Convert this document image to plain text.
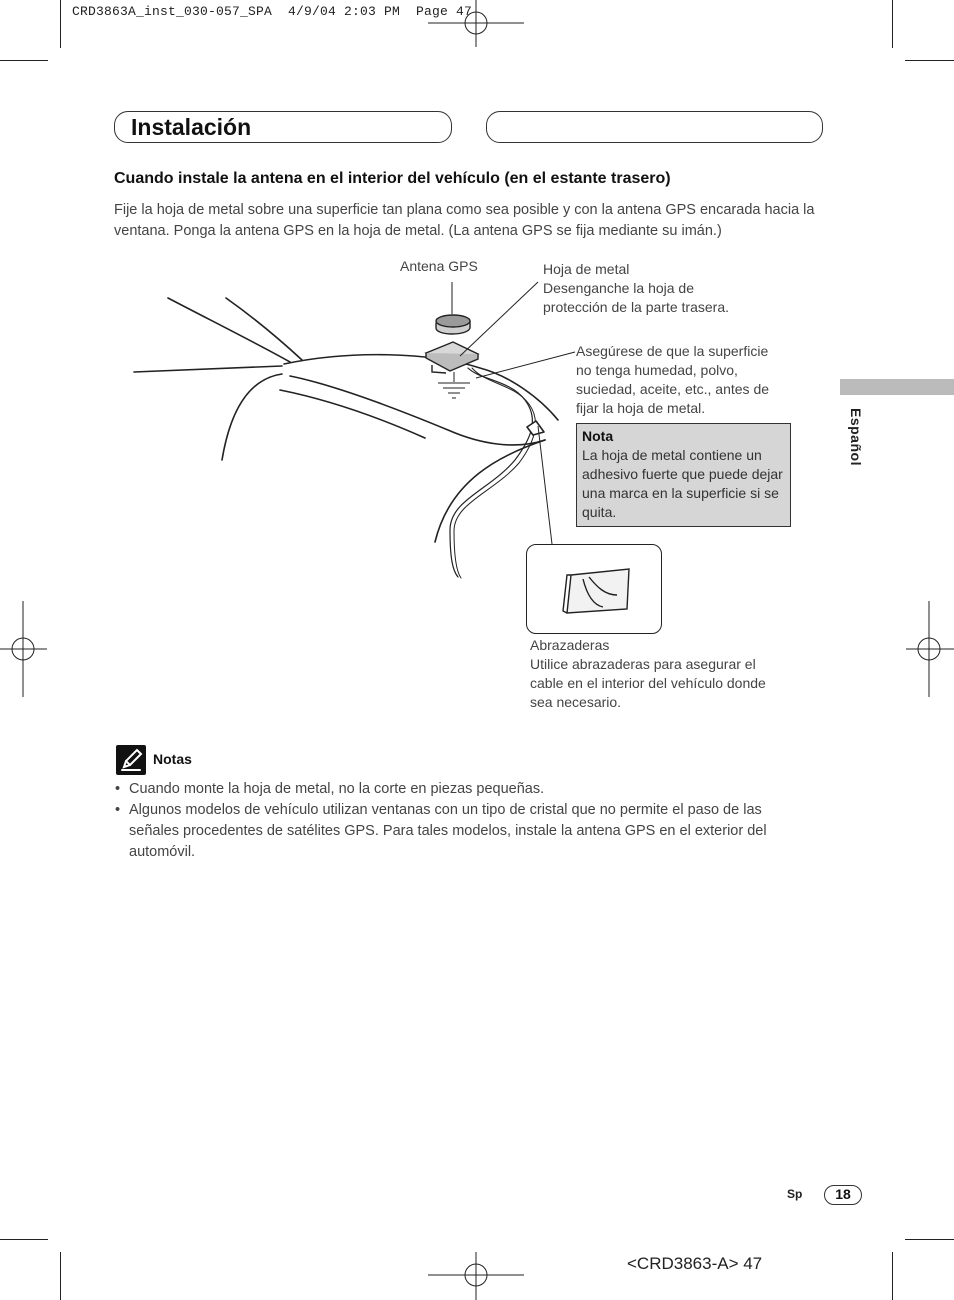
CRD3863A_inst_030-057_SPA  4/9/04 2:03 PM  Page 47
Instalación
Cuando instale la antena en el interior del vehículo (en el estante trasero)
Fije la hoja de metal sobre una superficie tan plana como sea posible y con la antena GPS encarada hacia la ventana. Ponga la antena GPS en la hoja de metal. (La antena GPS se fija mediante su imán.)
Antena GPS	Hoja de metal
Desenganche la hoja de
protección de la parte trasera.
Asegúrese de que la superficie
no tenga humedad, polvo,
suciedad, aceite, etc., antes de
fijar la hoja de metal.
Nota
La hoja de metal contiene un adhesivo fuerte que puede dejar una marca en la superficie si se quita.
Abrazaderas
Utilice abrazaderas para asegurar el
cable en el interior del vehículo donde
sea necesario.
Español
Notas
• Cuando monte la hoja de metal, no la corte en piezas pequeñas.
• Algunos modelos de vehículo utilizan ventanas con un tipo de cristal que no permite el paso de las señales procedentes de satélites GPS. Para tales modelos, instale la antena GPS en el exterior del automóvil.
Sp	18
<CRD3863-A> 47
